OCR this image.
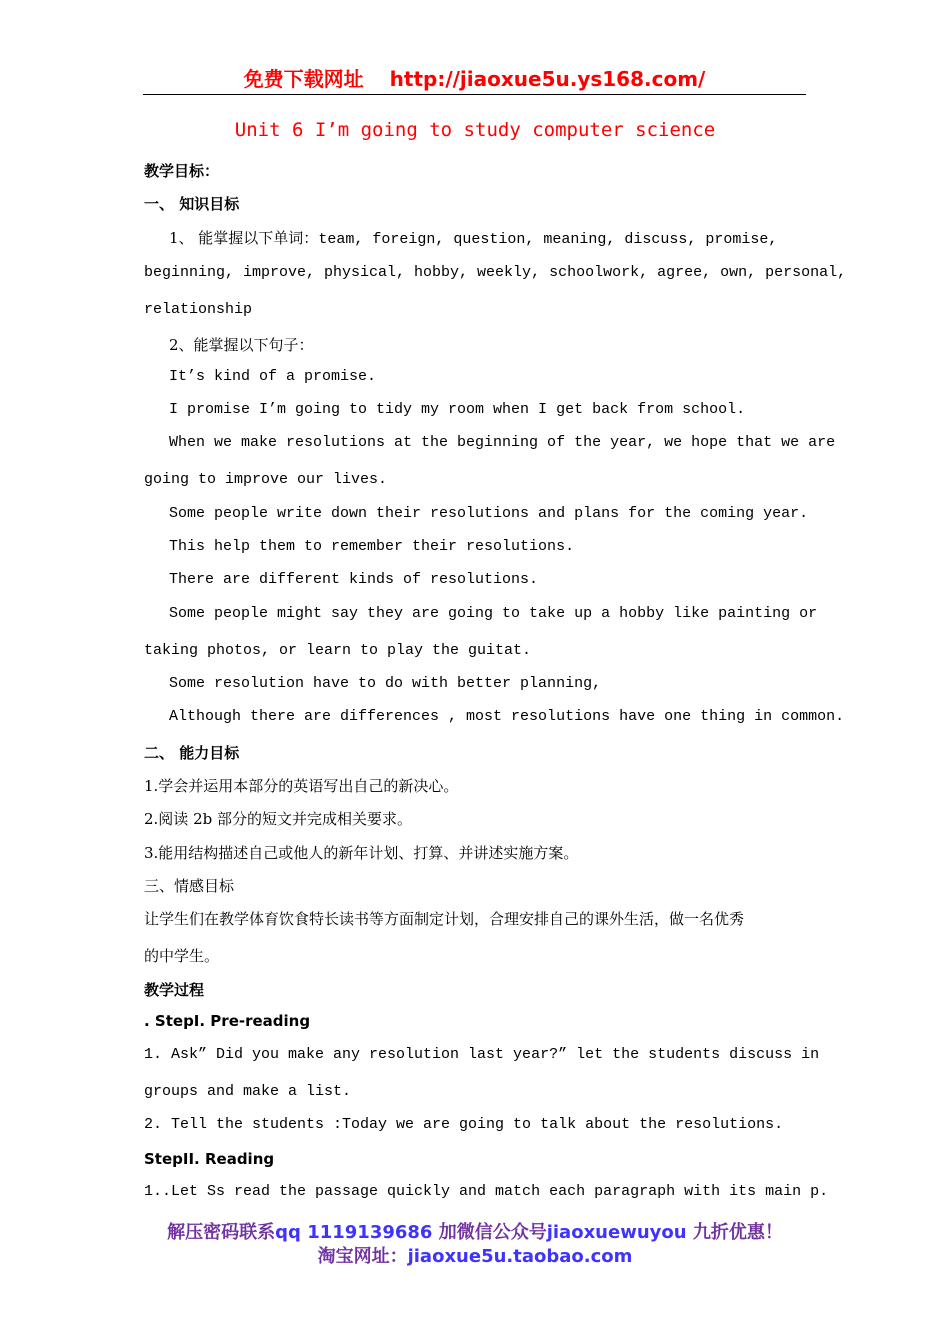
免费下载网址 http://jiaoxue5u.ys168.com/
Unit 6 I’m going to study computer science
教学目标：
一、 知识目标
1、 能掌握以下单词：team, foreign, question, meaning, discuss, promise,
beginning, improve, physical, hobby, weekly, schoolwork, agree, own, personal,
relationship
2、能掌握以下句子：
It’s kind of a promise.
I promise I’m going to tidy my room when I get back from school.
When we make resolutions at the beginning of the year, we hope that we are
going to improve our lives.
Some people write down their resolutions and plans for the coming year.
This help them to remember their resolutions.
There are different kinds of resolutions.
Some people might say they are going to take up a hobby like painting or
taking photos, or learn to play the guitat.
Some resolution have to do with better planning,
Although there are differences , most resolutions have one thing in common.
二、 能力目标
1.学会并运用本部分的英语写出自己的新决心。
2.阅读 2b 部分的短文并完成相关要求。
3.能用结构描述自己或他人的新年计划、打算、并讲述实施方案。
三、情感目标
让学生们在教学体育饮食特长读书等方面制定计划，合理安排自己的课外生活，做一名优秀
的中学生。
教学过程
. StepI. Pre-reading
1. Ask” Did you make any resolution last year?” let the students discuss in
groups and make a list.
2. Tell the students :Today we are going to talk about the resolutions.
StepII. Reading
1..Let Ss read the passage quickly and match each paragraph with its main p.
解压密码联系qq 1119139686 加微信公众号jiaoxuewuyou 九折优惠！
淘宝网址：jiaoxue5u.taobao.com
